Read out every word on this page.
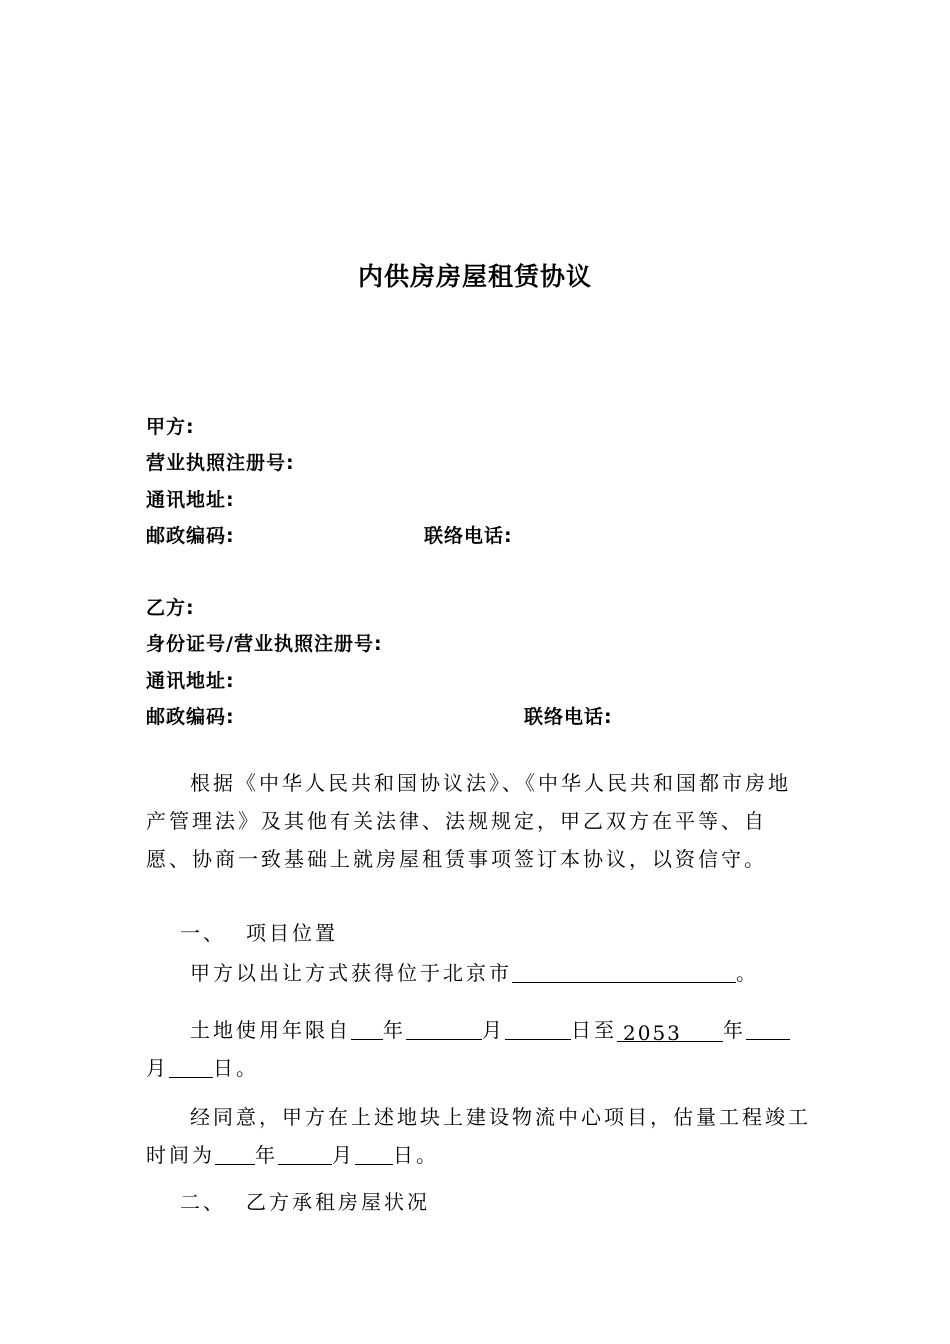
内供房房屋租赁协议
甲方:
营业执照注册号:
通讯地址:
邮政编码:	联络电话:
乙方:
身份证号/营业执照注册号:
通讯地址:
邮政编码:	联络电话:

根据《中华人民共和国协议法》、《中华人民共和国都市房地产管理法》及其他有关法律、法规规定，甲乙双方在平等、自愿、协商一致基础上就房屋租赁事项签订本协议，以资信守。

一、 项目位置
甲方以出让方式获得位于北京市	。
土地使用年限自 年	月	日至 2053 年
月 日。

经同意，甲方在上述地块上建设物流中心项目，估量工程竣工时间为 年	月 日。

二、 乙方承租房屋状况
